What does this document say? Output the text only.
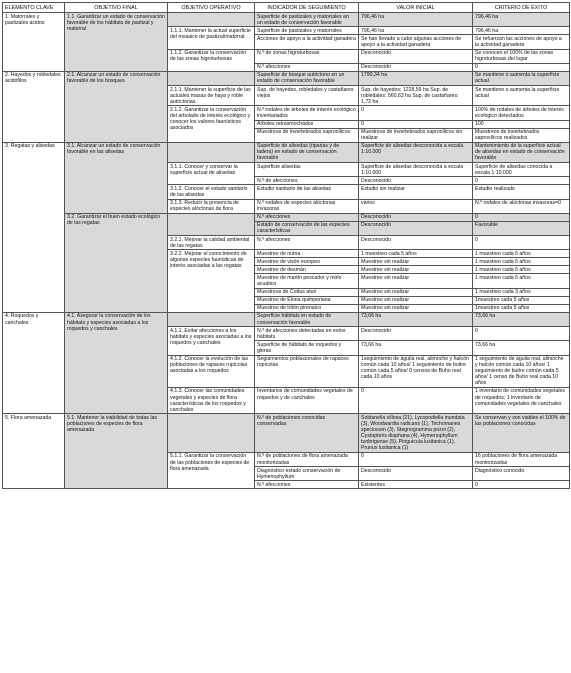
ELEMENTO CLAVE	OBJETIVO FINAL	OBJETIVO OPERATIVO	INDICADOR DE SEGUIMIENTO	VALOR INICIAL	CRITERIO DE ÉXITO
1. Matorrales y pastizales acidos	1.1. Garantizar un estado de conservación favorable de los hábitats de pastizal y matorral		Superficie de pastizales y matorrales en un estado de conservación favorable	796,46 ha	796,46 ha
		1.1.1. Mantener la actual superficie del mosaico de pastizal/matorral	Superficie de pastizales y matorrales	796,46 ha	796,46 ha
			Acciones de apoyo a la actividad ganadera	Se han llevado a cabo algunas acciones de apoyo a la actividad ganadera	Se refuerzan las acciones de apoyo a la actividad ganadera
		1.1.2. Garantizar la conservación de las zonas higroturbosas	N.º de zonas higroturbosas	Desconocido	Se conocen el 100% de las zonas higroturbosas del lugar
			N.º afecciones	Desconocido	0
2. Hayedos y robledales acidófilos	2.1. Alcanzar un estado de conservación favorable de los bosques		Superficie de bosque autóctono en un estado de conservación favorable	1790,34 ha	Se mantiene o aumenta la superficie actual
		2.1.1. Mantener la superficie de las actuales masas de haya y roble autóctonas.	Sup. de hayedos, robledales y castañares viejos	Sup. de hayedos: 1228,59 ha Sup. de robledales: 560,63 ha Sup. de castañares: 1,72 ha	Se mantiene o aumenta la superficie actual
		2.1.2. Garantizar la conservación del arbolado de interés ecológico y conocer los valores faunísticos asociados	N.º rodales de árboles de interés ecológico inventariados	0	100% de rodales de árboles de interés ecológico detectados
			Árboles retrasmochados	0	100
			Muestreos de invertebrados saproxílicos	Muestreos de invertebrados saproxílicos sin realizar	Muestreos de invertebrados saproxílicos realizados
3. Regatas y alisedas	3.1. Alcanzar un estado de conservación favorable en las alisedas		Superficie de alisedas (riparias y de ladera) en estado de conservación favorable	Superficie de alisedas desconocida a escala 1:10.000	Mantenimiento de la superficie actual de alisedas en estado de conservación favorable
		3.1.1. Conocer y conservar la superficie actual de alisedas	Superficie alisedas	Superficie de alisedas desconocida a escala 1:10.000	Superficie de alisedas conocida a escala 1:10.000
			N.º de afecciones	Desconocido	0
		3.1.2. Conocer el estado sanitario de las alisedas	Estudio sanitario de las alisedas	Estudio sin realizar	Estudio realizado
		3.1.3. Reducir la presencia de especies alóctonas de flora	N.º rodales de especies alóctonas invasoras	varios	N.º rodales de alóctonas invasoras=0
	3.2. Garantizar el buen estado ecológico de las regatas		N.º afecciones	Desconocido	0
			Estado de conservación de las especies características	Desconocido	Favorable
		3.2.1. Mejorar la calidad ambiental de las regatas	N.º afecciones	Desconocido	0
		3.2.2. Mejorar el conocimiento de algunas especies faunísticas de interés asociadas a las regatas	Muestreo de nutria	1 muestreo cada 5 años	1 muestreo cada 5 años
			Muestreo de visón europeo	Muestreo sin realizar	1 muestreo cada 5 años
			Muestreo de desmán	Muestreo sin realizar	1 muestreo cada 5 años
			Muestreo de martín pescador y mirlo acuático	Muestreo sin realizar	1 muestreo cada 5 años
			Muestreos de Cottus aturi	Muestreo sin realizar	1 muestreo cada 3 años
			Muestreo de Elona quimperiana	Muestreo sin realizar	1muestreo cada 5 años
			Muestreo de tritón pirenaico	Muestreo sin realizar	1muestreo cada 5 años
4. Roquedos y canchales	4.1. Asegurar la conservación de los hábitats y especies asociadas a los roquedos y canchales		Superficie hábitats en estado de conservación favorable	73,66 ha	73,66 ha
		4.1.1. Evitar afecciones a los hábitats y especies asociadas a los roquedos y canchales	N.º de afecciones detectadas en estos hábitats	Desconocido	0
			Superficie de hábitats de roquedos y gleras	73,66 ha	73,66 ha
		4.1.2. Conocer la evolución de las poblaciones de rapaces rupícolas asociadas a los roquedos	Seguimientos poblacionales de rapaces rupícolas	1seguimiento de águila real, alimoche y halcón común cada 10 años/ 1 seguimiento de buitre común cada 5 años/ 0 censos de Buho real cada 10 años	1 seguimiento de águila real, alimoche y halcón común cada 10 años/ 1 seguimiento de buitre común cada 5 años/ 1 censo de Buho real cada 10 años
		4.1.3. Conocer las comunidades vegetales y especies de flora características de los roquedos y canchales	Inventarios de comunidades vegetales de roquedos y de canchales	0	1 inventario de comunidades vegetales de roquedos; 1 inventario de comunidades vegetales de canchales
5. Flora amenazada	5.1. Mantener la viabilidad de todas las poblaciones de especies de flora amenazada		N.º de poblaciones conocidas conservadas	Soldanella villosa (21), Lycopodiella inundata (3), Woodwardia radicans (1), Trichomanes speciosum (3), Stegnogramma pozoi (2), Cystopteris diaphana (4), Hymenophyllum tunbrigense (5), Pinguicula lusitanica (1), Prunus lusitanica (1)	Se conservan y son viables el 100% de las poblaciones conocidas
		5.1.1. Garantizar la conservación de las poblaciones de especies de flora amenazada	N.º de poblaciones de flora amenazada monitorizadas	0	16 poblaciones de flora amenazada monitorizadas
			Diagnóstico estado conservación de Hymenophyllum	Desconocido	Diagnóstico conocido
			N.º afecciones	Existentes	0
